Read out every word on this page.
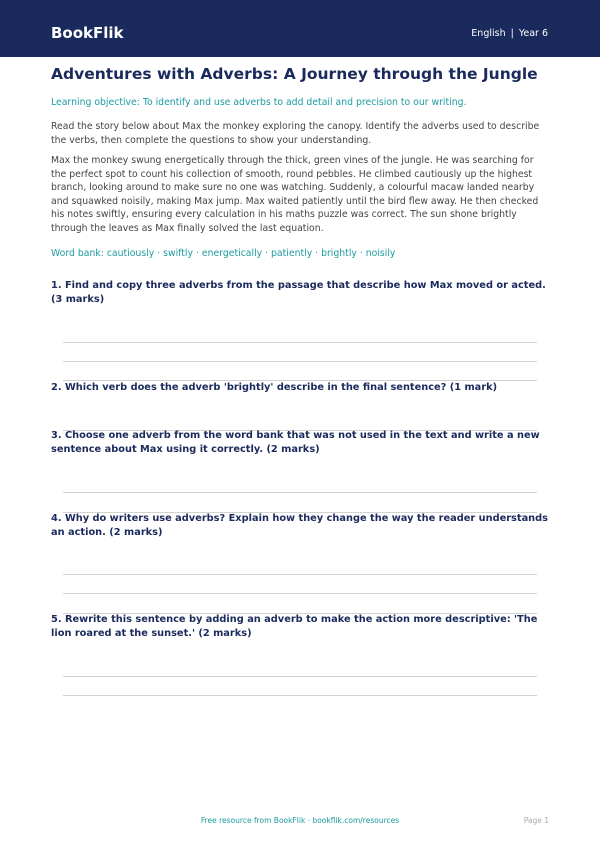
BookFlik	English | Year 6
Adventures with Adverbs: A Journey through the Jungle
Learning objective: To identify and use adverbs to add detail and precision to our writing.
Read the story below about Max the monkey exploring the canopy. Identify the adverbs used to describe the verbs, then complete the questions to show your understanding.
Max the monkey swung energetically through the thick, green vines of the jungle. He was searching for the perfect spot to count his collection of smooth, round pebbles. He climbed cautiously up the highest branch, looking around to make sure no one was watching. Suddenly, a colourful macaw landed nearby and squawked noisily, making Max jump. Max waited patiently until the bird flew away. He then checked his notes swiftly, ensuring every calculation in his maths puzzle was correct. The sun shone brightly through the leaves as Max finally solved the last equation.
Word bank: cautiously · swiftly · energetically · patiently · brightly · noisily
1. Find and copy three adverbs from the passage that describe how Max moved or acted. (3 marks)
2. Which verb does the adverb 'brightly' describe in the final sentence? (1 mark)
3. Choose one adverb from the word bank that was not used in the text and write a new sentence about Max using it correctly. (2 marks)
4. Why do writers use adverbs? Explain how they change the way the reader understands an action. (2 marks)
5. Rewrite this sentence by adding an adverb to make the action more descriptive: 'The lion roared at the sunset.' (2 marks)
Free resource from BookFlik · bookflik.com/resources	Page 1
